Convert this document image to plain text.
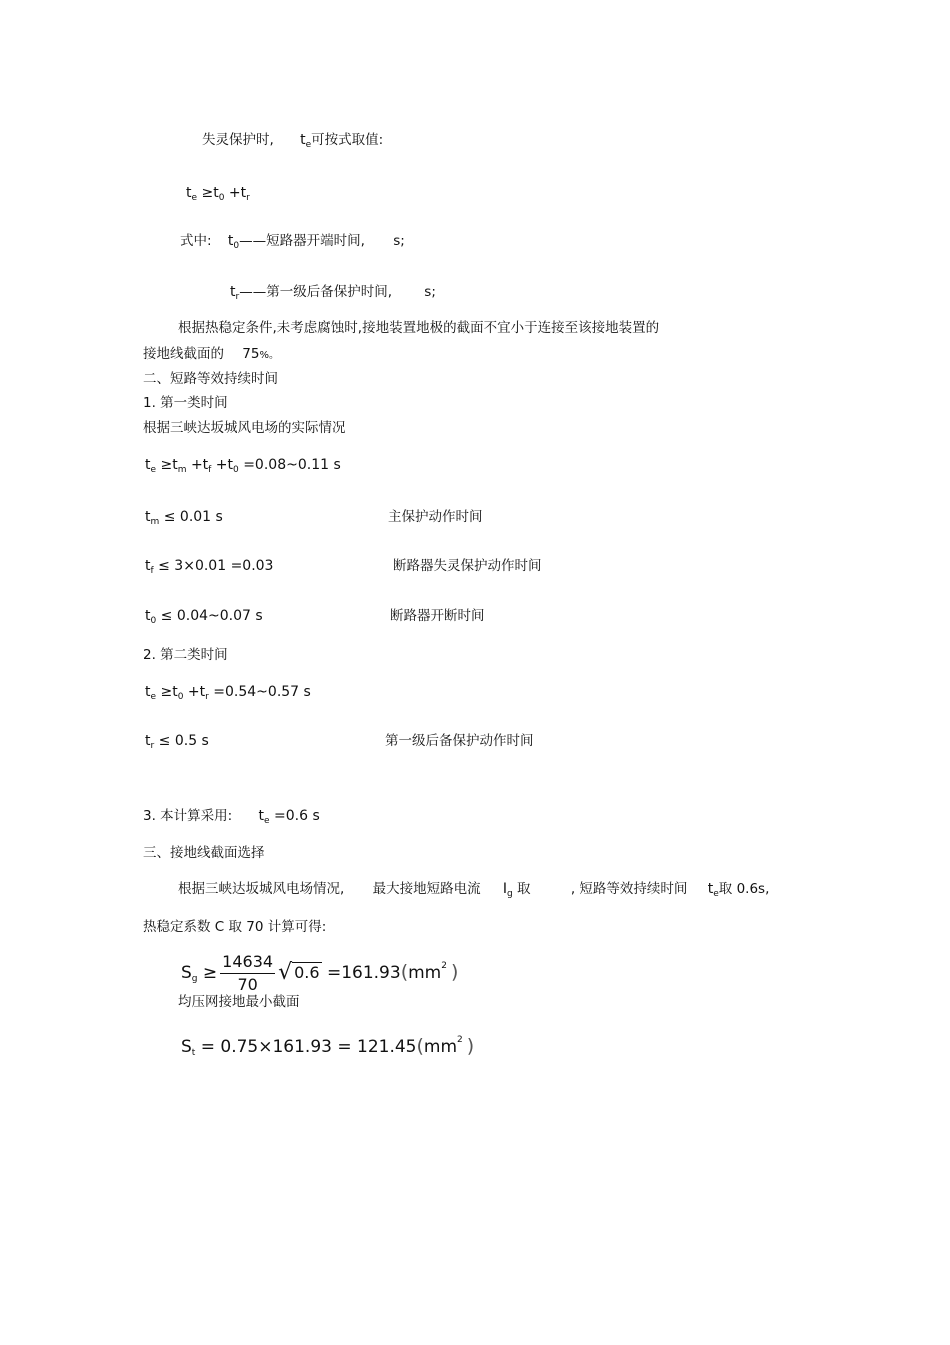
失灵保护时, $t_e$可按式取值:
$t_e \ge t_0 +t_r$
式中: $t_0——$短路器开端时间, s;
$t_r——$第一级后备保护时间, s;
根据热稳定条件,未考虑腐蚀时,接地装置地极的截面不宜小于连接至该接地装置的
接地线截面的 75%。
二、短路等效持续时间
1. 第一类时间
根据三峡达坂城风电场的实际情况
$t_e \ge t_m +t_f +t_0$ =0.08~0.11 s
$t_m \le 0.01$ s	主保护动作时间
$t_f \le 3\times 0.01 =0.03$	断路器失灵保护动作时间
$t_0$ ≤ 0.04~0.07 s	断路器开断时间
2. 第二类时间
$t_e \ge t_0 +t_r$ =0.54~0.57 s
$t_r \le 0.5$ s	第一级后备保护动作时间
3. 本计算采用: $t_e =0.6$ s
三、接地线截面选择
根据三峡达坂城风电场情况, 最大接地短路电流 $I_g$ 取	, 短路等效持续时间 $t_e$取 0.6s,
热稳定系数 C 取 70 计算可得:
$S_g \ge \frac{14634}{70}$ √ $0.6 =161.93(mm^2$ )
均压网接地最小截面
$S_t = 0.75\times 161.93 = 121.45(mm^2$ )
